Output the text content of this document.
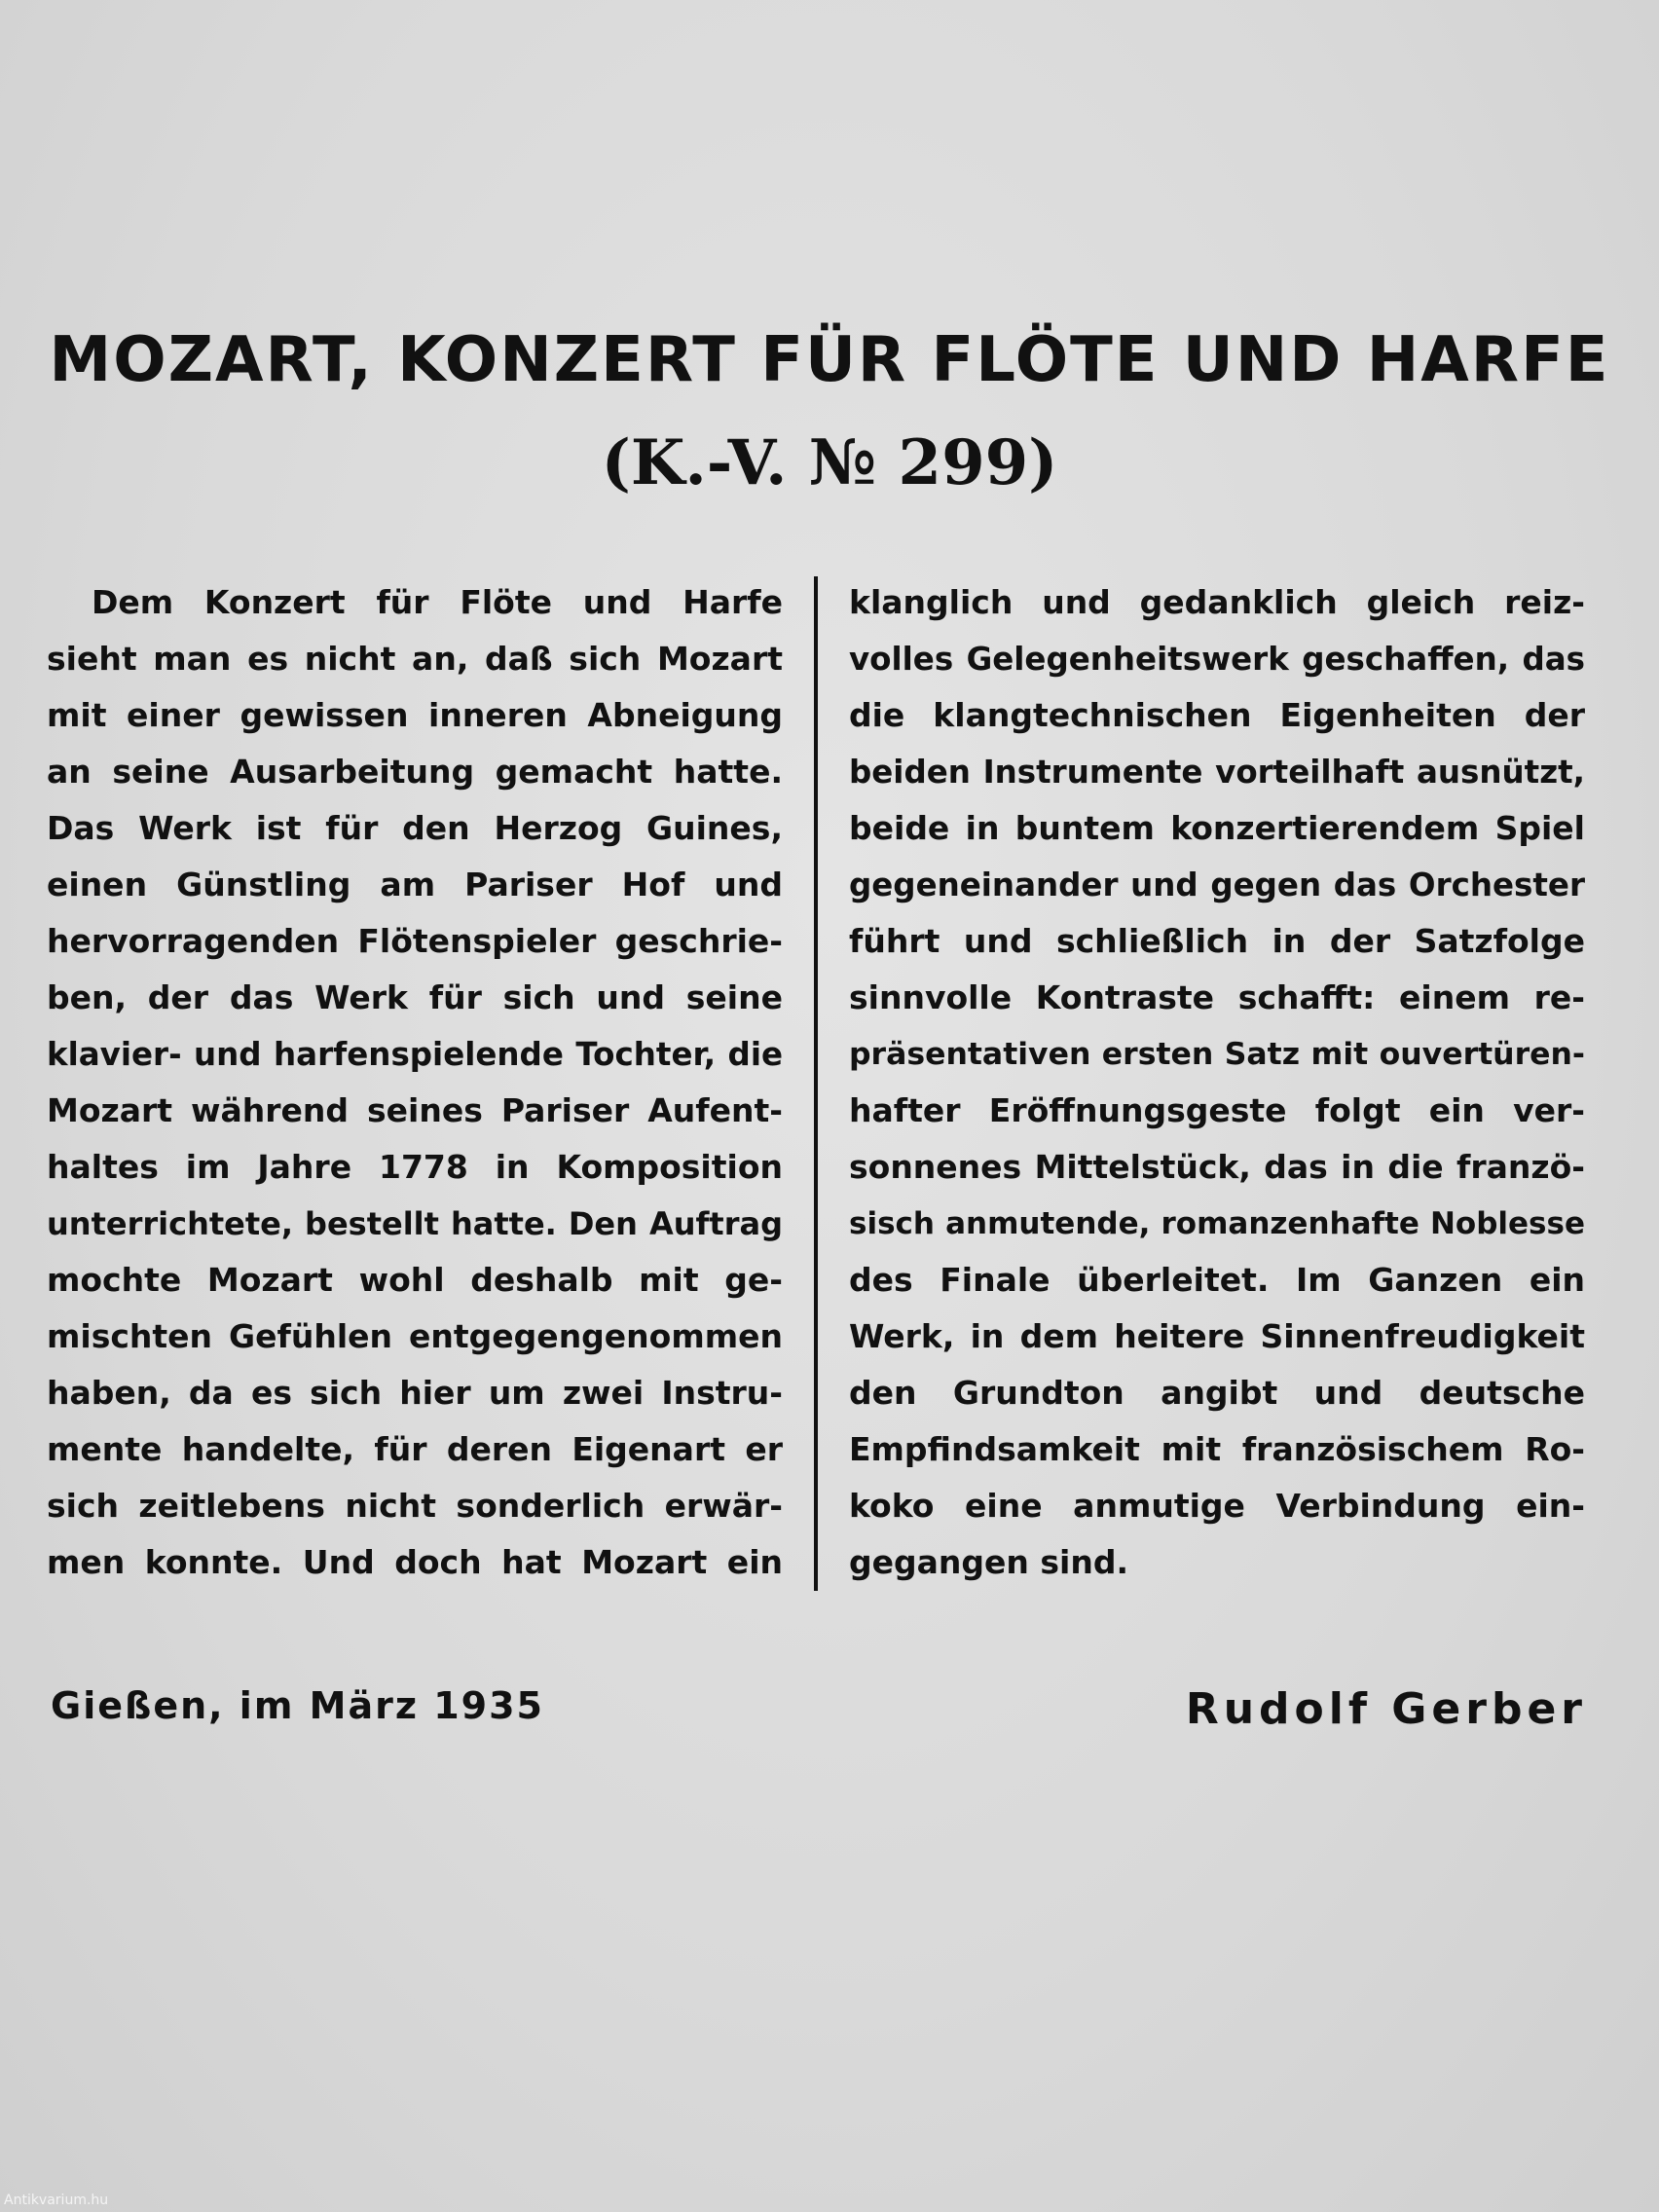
MOZART, KONZERT FÜR FLÖTE UND HARFE
(K.-V. № 299)
Dem Konzert für Flöte und Harfe
sieht man es nicht an, daß sich Mozart
mit einer gewissen inneren Abneigung
an seine Ausarbeitung gemacht hatte.
Das Werk ist für den Herzog Guines,
einen Günstling am Pariser Hof und
hervorragenden Flötenspieler geschrie-
ben, der das Werk für sich und seine
klavier- und harfenspielende Tochter, die
Mozart während seines Pariser Aufent-
haltes im Jahre 1778 in Komposition
unterrichtete, bestellt hatte. Den Auftrag
mochte Mozart wohl deshalb mit ge-
mischten Gefühlen entgegengenommen
haben, da es sich hier um zwei Instru-
mente handelte, für deren Eigenart er
sich zeitlebens nicht sonderlich erwär-
men konnte. Und doch hat Mozart ein
klanglich und gedanklich gleich reiz-
volles Gelegenheitswerk geschaffen, das
die klangtechnischen Eigenheiten der
beiden Instrumente vorteilhaft ausnützt,
beide in buntem konzertierendem Spiel
gegeneinander und gegen das Orchester
führt und schließlich in der Satzfolge
sinnvolle Kontraste schafft: einem re-
präsentativen ersten Satz mit ouvertüren-
hafter Eröffnungsgeste folgt ein ver-
sonnenes Mittelstück, das in die franzö-
sisch anmutende, romanzenhafte Noblesse
des Finale überleitet. Im Ganzen ein
Werk, in dem heitere Sinnenfreudigkeit
den Grundton angibt und deutsche
Empfindsamkeit mit französischem Ro-
koko eine anmutige Verbindung ein-
gegangen sind.
Gießen, im März 1935	Rudolf Gerber
Antikvarium.hu
